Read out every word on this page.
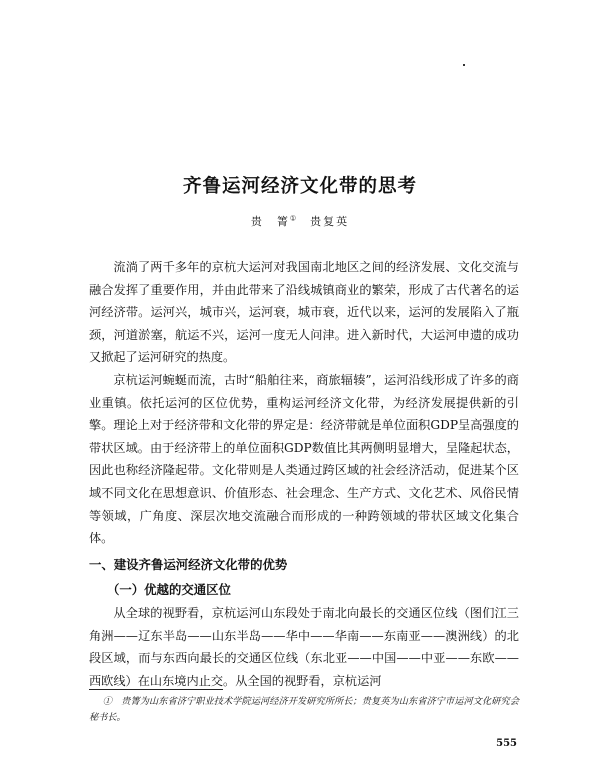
齐鲁运河经济文化带的思考
贵　箐① 贵复英

流淌了两千多年的京杭大运河对我国南北地区之间的经济发展、文化交流与融合发挥了重要作用，并由此带来了沿线城镇商业的繁荣，形成了古代著名的运河经济带。运河兴，城市兴，运河衰，城市衰，近代以来，运河的发展陷入了瓶颈，河道淤塞，航运不兴，运河一度无人问津。进入新时代，大运河申遗的成功又掀起了运河研究的热度。

京杭运河蜿蜒而流，古时“船舶往来，商旅辐辏”，运河沿线形成了许多的商业重镇。依托运河的区位优势，重构运河经济文化带，为经济发展提供新的引擎。理论上对于经济带和文化带的界定是：经济带就是单位面积GDP呈高强度的带状区域。由于经济带上的单位面积GDP数值比其两侧明显增大，呈隆起状态，因此也称经济隆起带。文化带则是人类通过跨区域的社会经济活动，促进某个区域不同文化在思想意识、价值形态、社会理念、生产方式、文化艺术、风俗民情等领域，广角度、深层次地交流融合而形成的一种跨领域的带状区域文化集合体。

一、建设齐鲁运河经济文化带的优势
（一）优越的交通区位

从全球的视野看，京杭运河山东段处于南北向最长的交通区位线（图们江三角洲——辽东半岛——山东半岛——华中——华南——东南亚——澳洲线）的北段区域，而与东西向最长的交通区位线（东北亚——中国——中亚——东欧——西欧线）在山东境内止交。从全国的视野看，京杭运河

①　贵箐为山东省济宁职业技术学院运河经济开发研究所所长；贵复英为山东省济宁市运河文化研究会秘书长。
555
